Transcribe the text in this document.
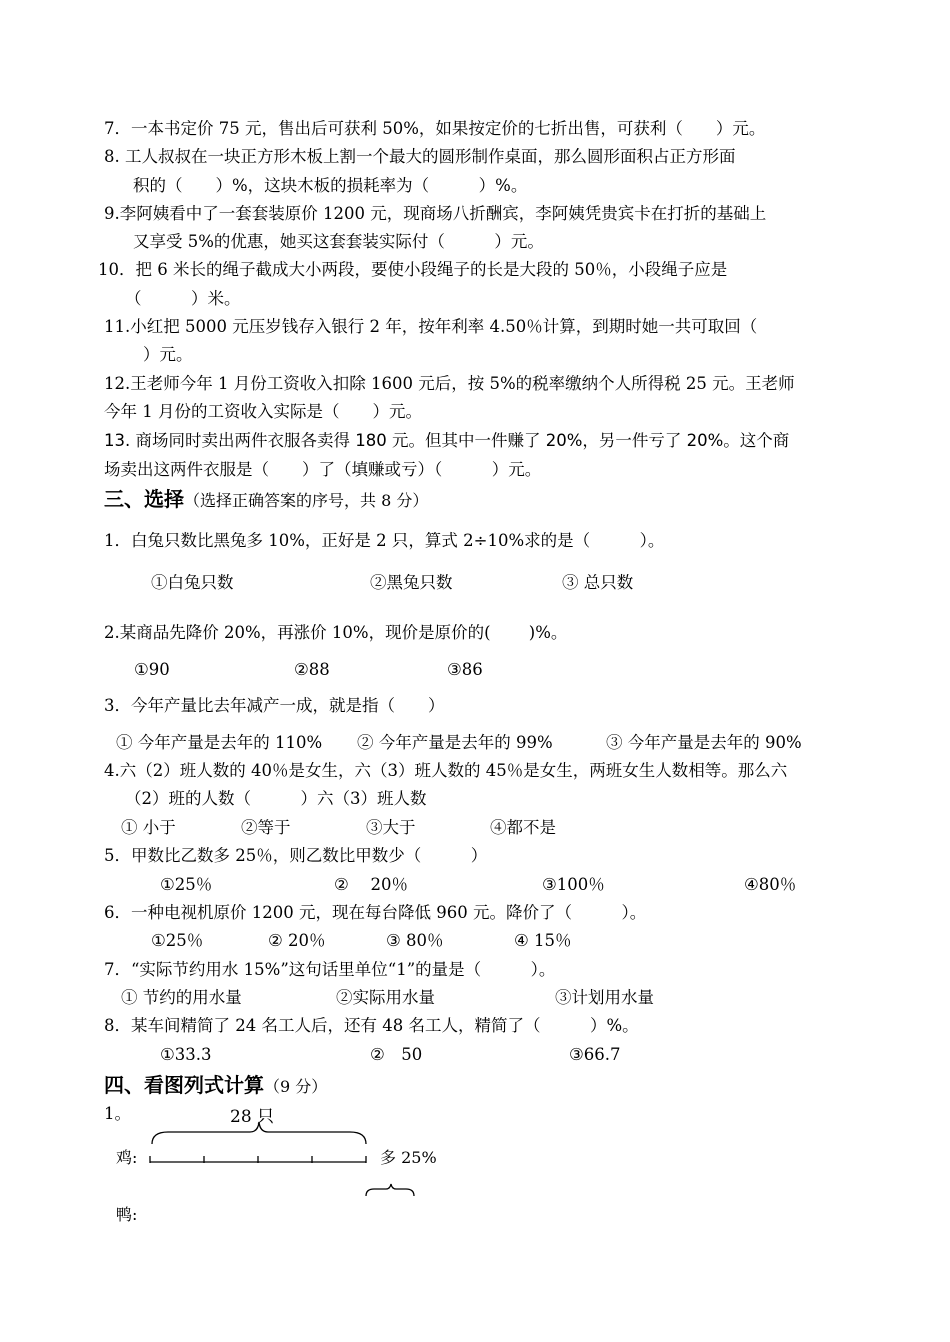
7．一本书定价 75 元，售出后可获利 50%，如果按定价的七折出售，可获利（　　）元。
8. 工人叔叔在一块正方形木板上割一个最大的圆形制作桌面，那么圆形面积占正方形面
积的（　　）%，这块木板的损耗率为（　　　）%。
9.李阿姨看中了一套套装原价 1200 元，现商场八折酬宾，李阿姨凭贵宾卡在打折的基础上
又享受 5%的优惠，她买这套套装实际付（　　　）元。
10．把 6 米长的绳子截成大小两段，要使小段绳子的长是大段的 50％，小段绳子应是
（　　　）米。
11.小红把 5000 元压岁钱存入银行 2 年，按年利率 4.50％计算，到期时她一共可取回（
）元。
12.王老师今年 1 月份工资收入扣除 1600 元后，按 5%的税率缴纳个人所得税 25 元。王老师
今年 1 月份的工资收入实际是（　　）元。
13. 商场同时卖出两件衣服各卖得 180 元。但其中一件赚了 20%，另一件亏了 20%。这个商
场卖出这两件衣服是（　　）了（填赚或亏）（　　　）元。
三、选择（选择正确答案的序号，共 8 分）
1．白兔只数比黑兔多 10%，正好是 2 只，算式 2÷10%求的是（　　　）。
①白兔只数	②黑兔只数	③ 总只数
2.某商品先降价 20%，再涨价 10%，现价是原价的(　　 )%。
①90	②88	③86
3．今年产量比去年减产一成，就是指（　　）
① 今年产量是去年的 110% ② 今年产量是去年的 99%	③ 今年产量是去年的 90%
4.六（2）班人数的 40％是女生，六（3）班人数的 45％是女生，两班女生人数相等。那么六
（2）班的人数（　　　）六（3）班人数
① 小于	②等于	③大于	④都不是
5．甲数比乙数多 25％，则乙数比甲数少（　　　）
①25％	②　 20％	③100％	④80％
6．一种电视机原价 1200 元，现在每台降低 960 元。降价了（　　　）。
①25％	② 20％	③ 80％	④ 15％
7．“实际节约用水 15%”这句话里单位“1”的量是（　　　）。
① 节约的用水量	②实际用水量	③计划用水量
8．某车间精简了 24 名工人后，还有 48 名工人，精简了（　　　）%。
①33.3	②　50	③66.7
四、看图列式计算（9 分）
1。	28 只
鸡:	多 25%
鸭:
